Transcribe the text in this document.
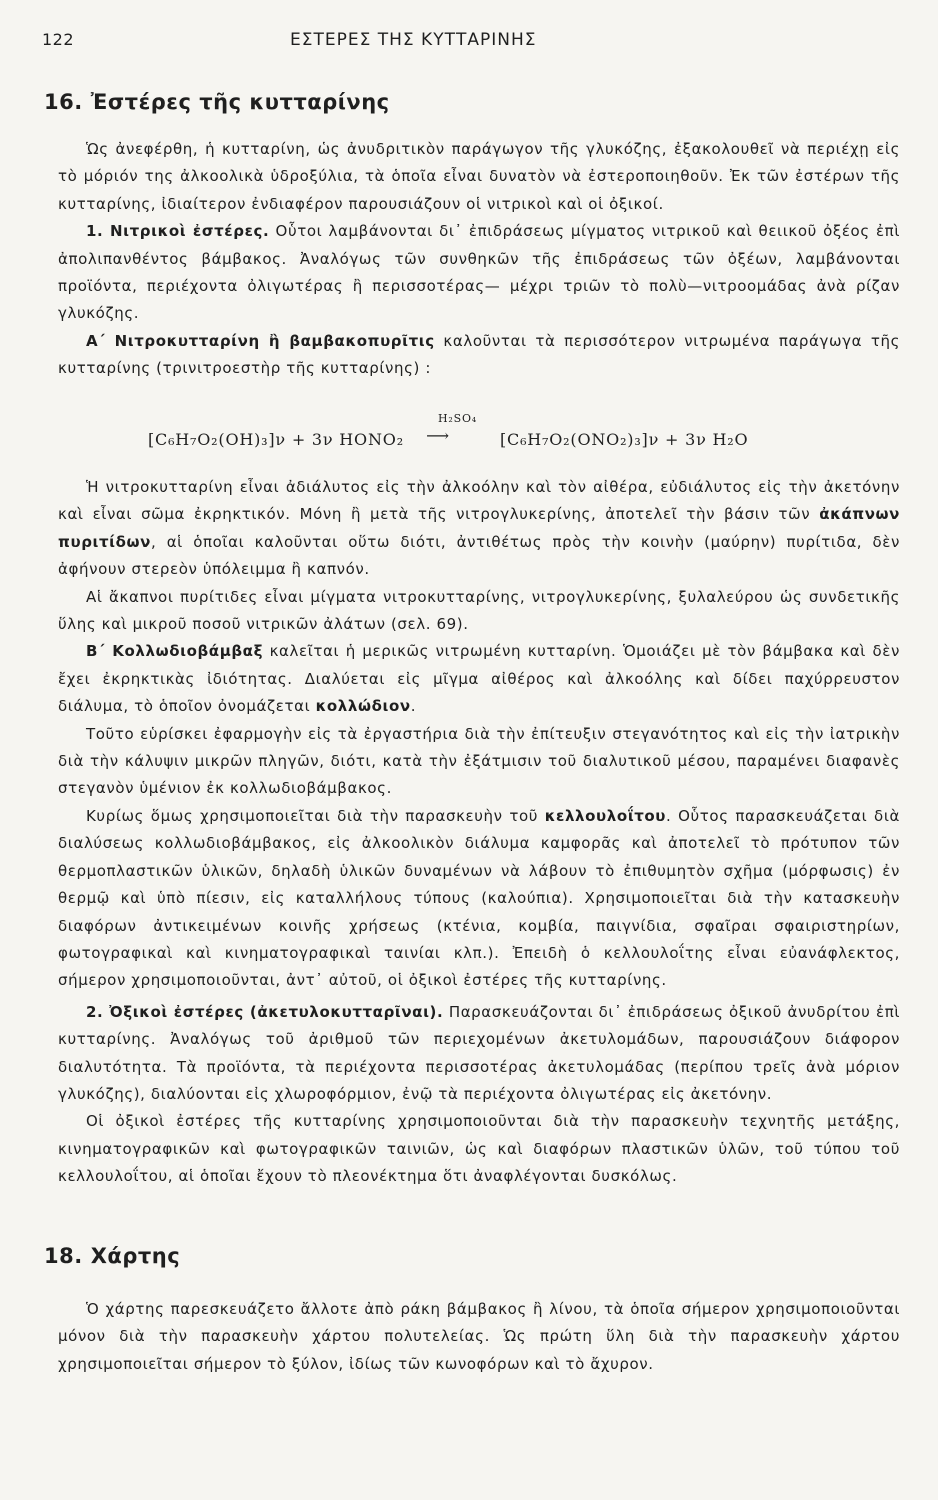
122	ΕΣΤΕΡΕΣ ΤΗΣ ΚΥΤΤΑΡΙΝΗΣ
16. Ἐστέρες τῆς κυτταρίνης

Ὡς ἀνεφέρθη, ἡ κυτταρίνη, ὡς ἀνυδριτικὸν παράγωγον τῆς γλυκόζης, ἐξακολουθεῖ νὰ περιέχῃ εἰς τὸ μόριόν της ἀλκοολικὰ ὑδροξύλια, τὰ ὁποῖα εἶναι δυνατὸν νὰ ἐστεροποιηθοῦν. Ἐκ τῶν ἐστέρων τῆς κυτταρίνης, ἰδιαίτερον ἐνδιαφέρον παρουσιάζουν οἱ νιτρικοὶ καὶ οἱ ὀξικοί.

1. Νιτρικοὶ ἐστέρες. Οὗτοι λαμβάνονται δι᾽ ἐπιδράσεως μίγματος νιτρικοῦ καὶ θειικοῦ ὀξέος ἐπὶ ἀπολιπανθέντος βάμβακος. Ἀναλόγως τῶν συνθηκῶν τῆς ἐπιδράσεως τῶν ὀξέων, λαμβάνονται προϊόντα, περιέχοντα ὀλιγωτέρας ἢ περισσοτέρας— μέχρι τριῶν τὸ πολὺ—νιτροομάδας ἀνὰ ρίζαν γλυκόζης.

Α΄ Νιτροκυτταρίνη ἢ βαμβακοπυρῖτις καλοῦνται τὰ περισσότερον νιτρωμένα παράγωγα τῆς κυτταρίνης (τρινιτροεστὴρ τῆς κυτταρίνης) :

[C₆H₇O₂(OH)₃]ν + 3ν HONO₂
H₂SO₄
⟶	[C₆H₇O₂(ONO₂)₃]ν + 3ν H₂O

Ἡ νιτροκυτταρίνη εἶναι ἀδιάλυτος εἰς τὴν ἀλκοόλην καὶ τὸν αἰθέρα, εὐδιάλυτος εἰς τὴν ἀκετόνην καὶ εἶναι σῶμα ἐκρηκτικόν. Μόνη ἢ μετὰ τῆς νιτρογλυκερίνης, ἀποτελεῖ τὴν βάσιν τῶν ἀκάπνων πυριτίδων, αἱ ὁποῖαι καλοῦνται οὕτω διότι, ἀντιθέτως πρὸς τὴν κοινὴν (μαύρην) πυρίτιδα, δὲν ἀφήνουν στερεὸν ὑπόλειμμα ἢ καπνόν.

Αἱ ἄκαπνοι πυρίτιδες εἶναι μίγματα νιτροκυτταρίνης, νιτρογλυκερίνης, ξυλαλεύρου ὡς συνδετικῆς ὕλης καὶ μικροῦ ποσοῦ νιτρικῶν ἀλάτων (σελ. 69).

Β΄ Κολλωδιοβάμβαξ καλεῖται ἡ μερικῶς νιτρωμένη κυτταρίνη. Ὁμοιάζει μὲ τὸν βάμβακα καὶ δὲν ἔχει ἐκρηκτικὰς ἰδιότητας. Διαλύεται εἰς μῖγμα αἰθέρος καὶ ἀλκοόλης καὶ δίδει παχύρρευστον διάλυμα, τὸ ὁποῖον ὀνομάζεται κολλώδιον.

Τοῦτο εὑρίσκει ἐφαρμογὴν εἰς τὰ ἐργαστήρια διὰ τὴν ἐπίτευξιν στεγανότητος καὶ εἰς τὴν ἰατρικὴν διὰ τὴν κάλυψιν μικρῶν πληγῶν, διότι, κατὰ τὴν ἐξάτμισιν τοῦ διαλυτικοῦ μέσου, παραμένει διαφανὲς στεγανὸν ὑμένιον ἐκ κολλωδιοβάμβακος.

Κυρίως ὅμως χρησιμοποιεῖται διὰ τὴν παρασκευὴν τοῦ κελλουλοΐτου. Οὗτος παρασκευάζεται διὰ διαλύσεως κολλωδιοβάμβακος, εἰς ἀλκοολικὸν διάλυμα καμφορᾶς καὶ ἀποτελεῖ τὸ πρότυπον τῶν θερμοπλαστικῶν ὑλικῶν, δηλαδὴ ὑλικῶν δυναμένων νὰ λάβουν τὸ ἐπιθυμητὸν σχῆμα (μόρφωσις) ἐν θερμῷ καὶ ὑπὸ πίεσιν, εἰς καταλλήλους τύπους (καλούπια). Χρησιμοποιεῖται διὰ τὴν κατασκευὴν διαφόρων ἀντικειμένων κοινῆς χρήσεως (κτένια, κομβία, παιγνίδια, σφαῖραι σφαιριστηρίων, φωτογραφικαὶ καὶ κινηματογραφικαὶ ταινίαι κλπ.). Ἐπειδὴ ὁ κελλουλοΐτης εἶναι εὐανάφλεκτος, σήμερον χρησιμοποιοῦνται, ἀντ᾽ αὐτοῦ, οἱ ὀξικοὶ ἐστέρες τῆς κυτταρίνης.

2. Ὀξικοὶ ἐστέρες (ἀκετυλοκυτταρῖναι). Παρασκευάζονται δι᾽ ἐπιδράσεως ὀξικοῦ ἀνυδρίτου ἐπὶ κυτταρίνης. Ἀναλόγως τοῦ ἀριθμοῦ τῶν περιεχομένων ἀκετυλομάδων, παρουσιάζουν διάφορον διαλυτότητα. Τὰ προϊόντα, τὰ περιέχοντα περισσοτέρας ἀκετυλομάδας (περίπου τρεῖς ἀνὰ μόριον γλυκόζης), διαλύονται εἰς χλωροφόρμιον, ἐνῷ τὰ περιέχοντα ὀλιγωτέρας εἰς ἀκετόνην.

Οἱ ὀξικοὶ ἐστέρες τῆς κυτταρίνης χρησιμοποιοῦνται διὰ τὴν παρασκευὴν τεχνητῆς μετάξης, κινηματογραφικῶν καὶ φωτογραφικῶν ταινιῶν, ὡς καὶ διαφόρων πλαστικῶν ὑλῶν, τοῦ τύπου τοῦ κελλουλοΐτου, αἱ ὁποῖαι ἔχουν τὸ πλεονέκτημα ὅτι ἀναφλέγονται δυσκόλως.

18. Χάρτης

Ὁ χάρτης παρεσκευάζετο ἄλλοτε ἀπὸ ράκη βάμβακος ἢ λίνου, τὰ ὁποῖα σήμερον χρησιμοποιοῦνται μόνον διὰ τὴν παρασκευὴν χάρτου πολυτελείας. Ὡς πρώτη ὕλη διὰ τὴν παρασκευὴν χάρτου χρησιμοποιεῖται σήμερον τὸ ξύλον, ἰδίως τῶν κωνοφόρων καὶ τὸ ἄχυρον.
